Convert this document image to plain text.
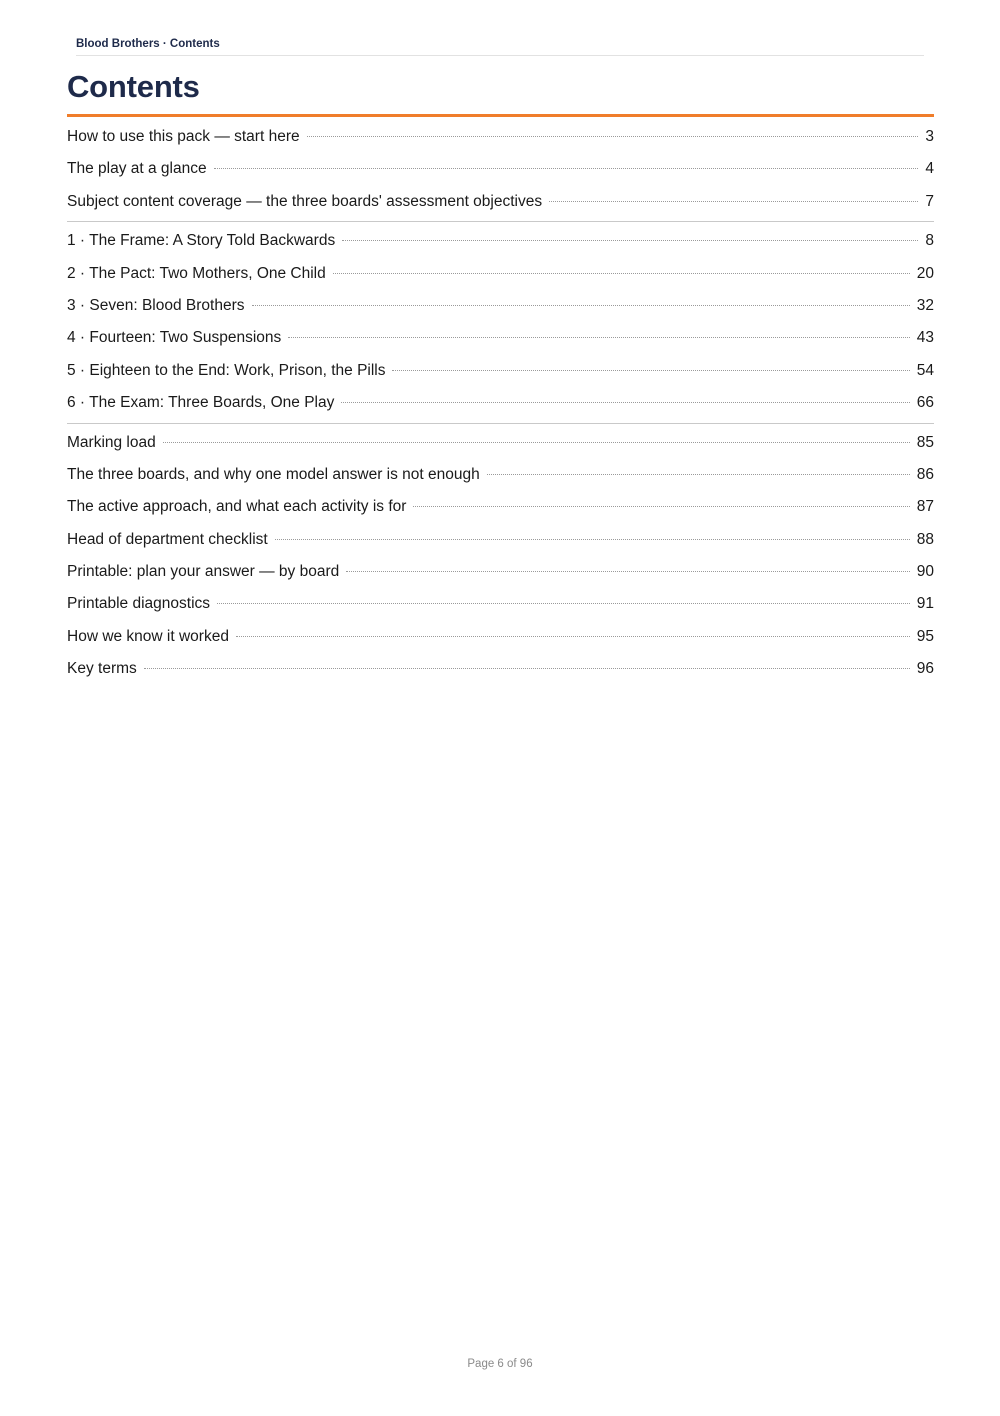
Blood Brothers · Contents
Contents
How to use this pack — start here	3
The play at a glance	4
Subject content coverage — the three boards' assessment objectives	7
1 · The Frame: A Story Told Backwards	8
2 · The Pact: Two Mothers, One Child	20
3 · Seven: Blood Brothers	32
4 · Fourteen: Two Suspensions	43
5 · Eighteen to the End: Work, Prison, the Pills	54
6 · The Exam: Three Boards, One Play	66
Marking load	85
The three boards, and why one model answer is not enough	86
The active approach, and what each activity is for	87
Head of department checklist	88
Printable: plan your answer — by board	90
Printable diagnostics	91
How we know it worked	95
Key terms	96
Page 6 of 96
